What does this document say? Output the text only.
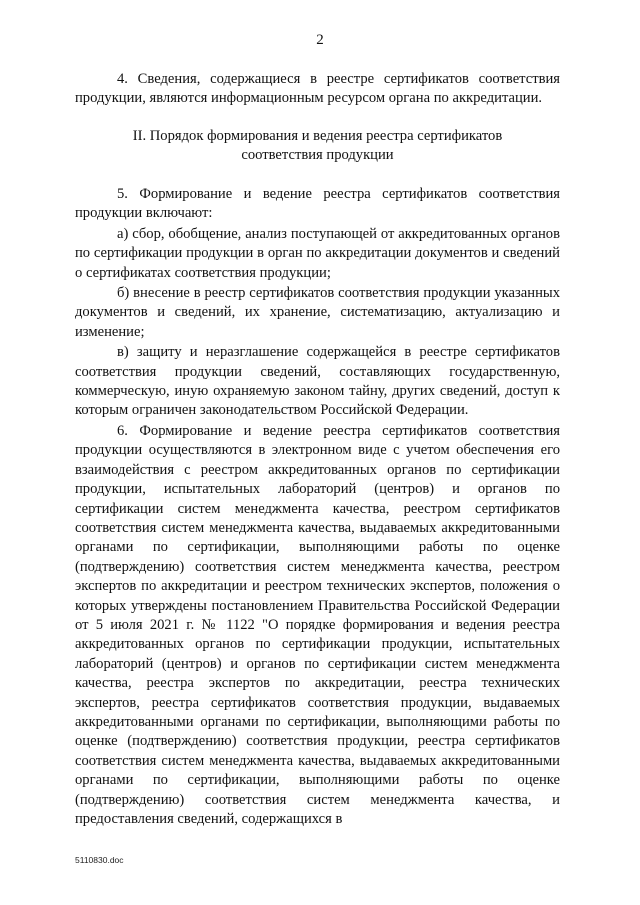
2

4. Сведения, содержащиеся в реестре сертификатов соответствия продукции, являются информационным ресурсом органа по аккредитации.

II. Порядок формирования и ведения реестра сертификатов
соответствия продукции

5. Формирование и ведение реестра сертификатов соответствия продукции включают:

а) сбор, обобщение, анализ поступающей от аккредитованных органов по сертификации продукции в орган по аккредитации документов и сведений о сертификатах соответствия продукции;

б) внесение в реестр сертификатов соответствия продукции указанных документов и сведений, их хранение, систематизацию, актуализацию и изменение;

в) защиту и неразглашение содержащейся в реестре сертификатов соответствия продукции сведений, составляющих государственную, коммерческую, иную охраняемую законом тайну, других сведений, доступ к которым ограничен законодательством Российской Федерации.

6. Формирование и ведение реестра сертификатов соответствия продукции осуществляются в электронном виде с учетом обеспечения его взаимодействия с реестром аккредитованных органов по сертификации продукции, испытательных лабораторий (центров) и органов по сертификации систем менеджмента качества, реестром сертификатов соответствия систем менеджмента качества, выдаваемых аккредитованными органами по сертификации, выполняющими работы по оценке (подтверждению) соответствия систем менеджмента качества, реестром экспертов по аккредитации и реестром технических экспертов, положения о которых утверждены постановлением Правительства Российской Федерации от 5 июля 2021 г. № 1122 "О порядке формирования и ведения реестра аккредитованных органов по сертификации продукции, испытательных лабораторий (центров) и органов по сертификации систем менеджмента качества, реестра экспертов по аккредитации, реестра технических экспертов, реестра сертификатов соответствия продукции, выдаваемых аккредитованными органами по сертификации, выполняющими работы по оценке (подтверждению) соответствия продукции, реестра сертификатов соответствия систем менеджмента качества, выдаваемых аккредитованными органами по сертификации, выполняющими работы по оценке (подтверждению) соответствия систем менеджмента качества, и предоставления сведений, содержащихся в

5110830.doc
